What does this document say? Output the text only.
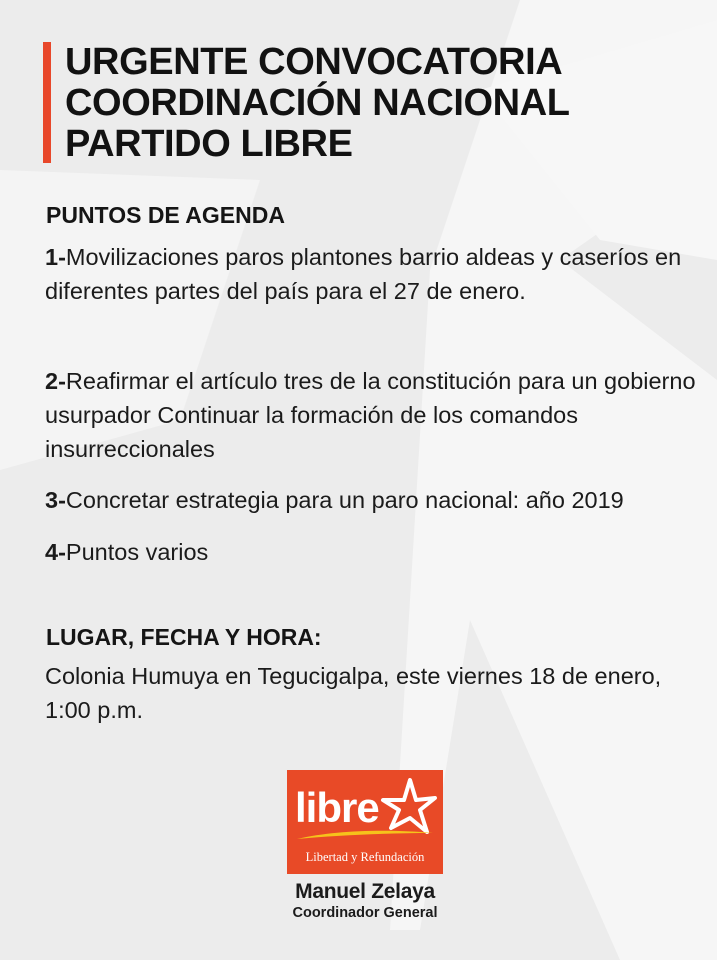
URGENTE CONVOCATORIA
COORDINACIÓN NACIONAL
PARTIDO LIBRE
PUNTOS DE AGENDA
1-Movilizaciones paros plantones barrio aldeas y caseríos en diferentes partes del país para el 27 de enero.
2-Reafirmar el artículo tres de la constitución para un gobierno usurpador Continuar la formación de los comandos insurreccionales
3-Concretar estrategia para un paro nacional: año 2019
4-Puntos varios
LUGAR, FECHA Y HORA:
Colonia Humuya en Tegucigalpa, este viernes 18 de enero, 1:00 p.m.
libre
Libertad y Refundación
Manuel Zelaya
Coordinador General
